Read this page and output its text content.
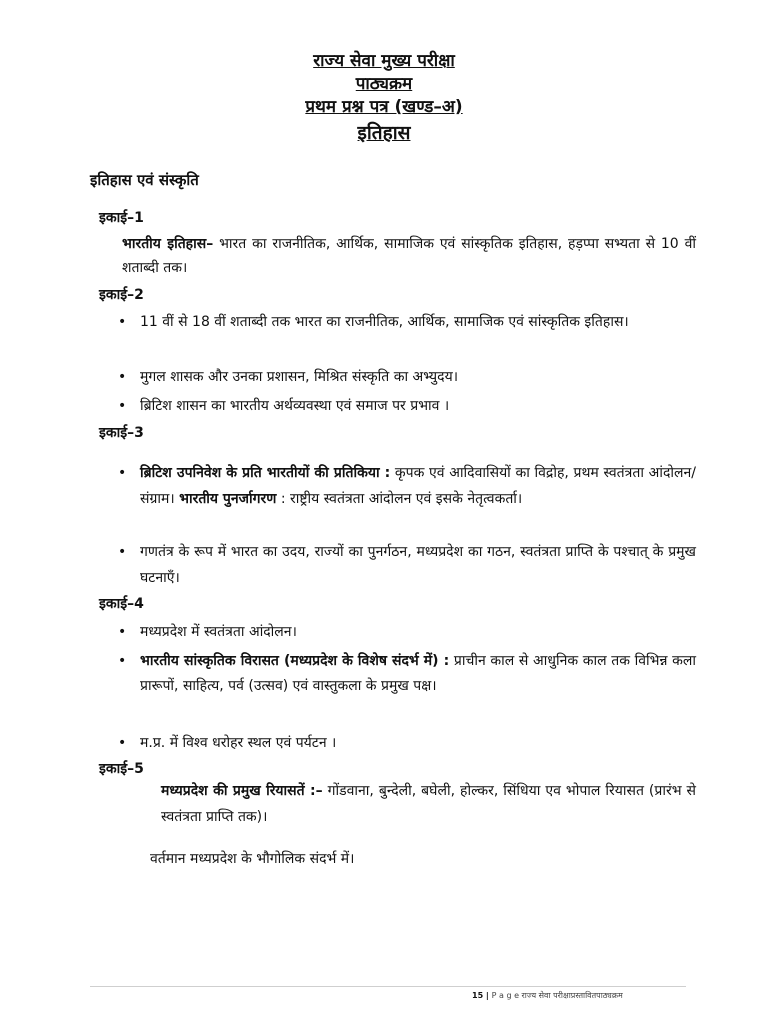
राज्य सेवा मुख्य परीक्षा

पाठ्यक्रम

प्रथम प्रश्न पत्र (खण्ड–अ)

इतिहास

इतिहास एवं संस्कृति
इकाई–1
भारतीय इतिहास– भारत का राजनीतिक, आर्थिक, सामाजिक एवं सांस्कृतिक इतिहास, हड़प्पा सभ्यता से 10 वीं शताब्दी तक।
इकाई–2
• 11 वीं से 18 वीं शताब्दी तक भारत का राजनीतिक, आर्थिक, सामाजिक एवं सांस्कृतिक इतिहास।
• मुगल शासक और उनका प्रशासन, मिश्रित संस्कृति का अभ्युदय।
• ब्रिटिश शासन का भारतीय अर्थव्यवस्था एवं समाज पर प्रभाव ।
इकाई–3
• ब्रिटिश उपनिवेश के प्रति भारतीयों की प्रतिकिया : कृपक एवं आदिवासियों का विद्रोह, प्रथम स्वतंत्रता आंदोलन/संग्राम। भारतीय पुनर्जागरण : राष्ट्रीय स्वतंत्रता आंदोलन एवं इसके नेतृत्वकर्ता।
• गणतंत्र के रूप में भारत का उदय, राज्यों का पुनर्गठन, मध्यप्रदेश का गठन, स्वतंत्रता प्राप्ति के पश्चात् के प्रमुख घटनाएँ।
इकाई–4
• मध्यप्रदेश में स्वतंत्रता आंदोलन।
• भारतीय सांस्कृतिक विरासत (मध्यप्रदेश के विशेष संदर्भ में) : प्राचीन काल से आधुनिक काल तक विभिन्न कला प्रारूपों, साहित्य, पर्व (उत्सव) एवं वास्तुकला के प्रमुख पक्ष।
• म.प्र. में विश्व धरोहर स्थल एवं पर्यटन ।
इकाई–5
मध्यप्रदेश की प्रमुख रियासतें :– गोंडवाना, बुन्देली, बघेली, होल्कर, सिंधिया एव भोपाल रियासत (प्रारंभ से स्वतंत्रता प्राप्ति तक)।
वर्तमान मध्यप्रदेश के भौगोलिक संदर्भ में।
15 | P a g e राज्य सेवा परीक्षाप्रस्तावितपाठ्यक्रम
